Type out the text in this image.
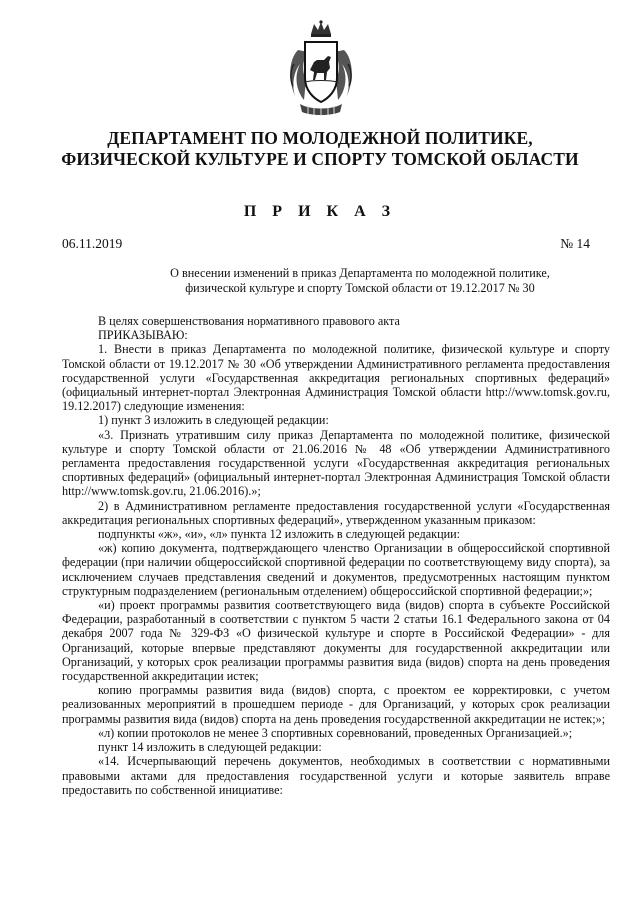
ДЕПАРТАМЕНТ ПО МОЛОДЕЖНОЙ ПОЛИТИКЕ,
ФИЗИЧЕСКОЙ КУЛЬТУРЕ И СПОРТУ ТОМСКОЙ ОБЛАСТИ
П Р И К А З
06.11.2019	№ 14
О внесении изменений в приказ Департамента по молодежной политике,
физической культуре и спорту Томской области от 19.12.2017 № 30

В целях совершенствования нормативного правового акта

ПРИКАЗЫВАЮ:

1. Внести в приказ Департамента по молодежной политике, физической культуре и спорту Томской области от 19.12.2017 № 30 «Об утверждении Административного регламента предоставления государственной услуги «Государственная аккредитация региональных спортивных федераций» (официальный интернет-портал Электронная Администрация Томской области http://www.tomsk.gov.ru, 19.12.2017) следующие изменения:

1) пункт 3 изложить в следующей редакции:

«3. Признать утратившим силу приказ Департамента по молодежной политике, физической культуре и спорту Томской области от 21.06.2016 № 48 «Об утверждении Административного регламента предоставления государственной услуги «Государственная аккредитация региональных спортивных федераций» (официальный интернет-портал Электронная Администрация Томской области http://www.tomsk.gov.ru, 21.06.2016).»;

2) в Административном регламенте предоставления государственной услуги «Государственная аккредитация региональных спортивных федераций», утвержденном указанным приказом:

подпункты «ж», «и», «л» пункта 12 изложить в следующей редакции:

«ж) копию документа, подтверждающего членство Организации в общероссийской спортивной федерации (при наличии общероссийской спортивной федерации по соответствующему виду спорта), за исключением случаев представления сведений и документов, предусмотренных настоящим пунктом структурным подразделением (региональным отделением) общероссийской спортивной федерации;»;

«и) проект программы развития соответствующего вида (видов) спорта в субъекте Российской Федерации, разработанный в соответствии с пунктом 5 части 2 статьи 16.1 Федерального закона от 04 декабря 2007 года № 329-ФЗ «О физической культуре и спорте в Российской Федерации» - для Организаций, которые впервые представляют документы для государственной аккредитации или Организаций, у которых срок реализации программы развития вида (видов) спорта на день проведения государственной аккредитации истек;

копию программы развития вида (видов) спорта, с проектом ее корректировки, с учетом реализованных мероприятий в прошедшем периоде - для Организаций, у которых срок реализации программы развития вида (видов) спорта на день проведения государственной аккредитации не истек;»;

«л) копии протоколов не менее 3 спортивных соревнований, проведенных Организацией.»;

пункт 14 изложить в следующей редакции:

«14. Исчерпывающий перечень документов, необходимых в соответствии с нормативными правовыми актами для предоставления государственной услуги и которые заявитель вправе предоставить по собственной инициативе:
